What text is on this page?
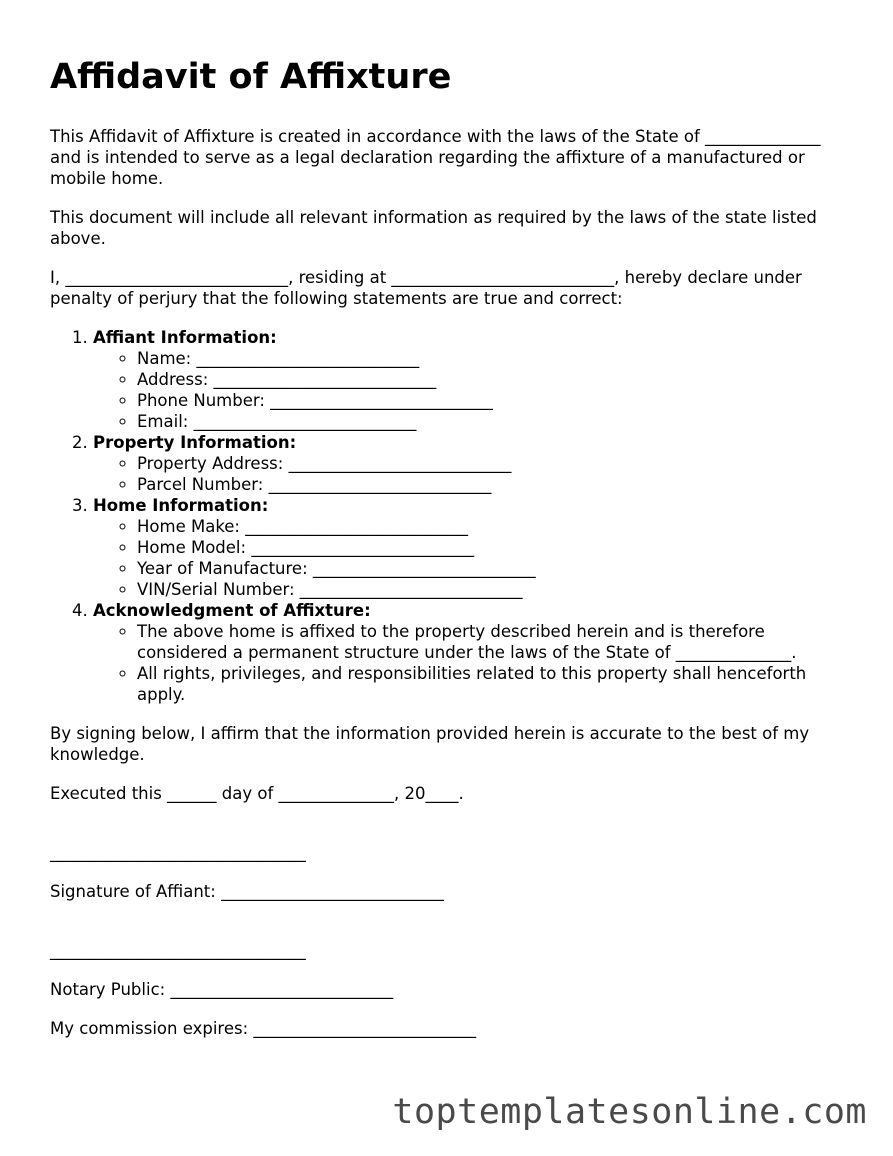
Affidavit of Affixture

This Affidavit of Affixture is created in accordance with the laws of the State of ______________ and is intended to serve as a legal declaration regarding the affixture of a manufactured or mobile home.

This document will include all relevant information as required by the laws of the state listed above.

I, ___________________________, residing at ___________________________, hereby declare under penalty of perjury that the following statements are true and correct:

1. Affiant Information:
◦ Name: ___________________________
◦ Address: ___________________________
◦ Phone Number: ___________________________
◦ Email: ___________________________
2. Property Information:
◦ Property Address: ___________________________
◦ Parcel Number: ___________________________
3. Home Information:
◦ Home Make: ___________________________
◦ Home Model: ___________________________
◦ Year of Manufacture: ___________________________
◦ VIN/Serial Number: ___________________________
4. Acknowledgment of Affixture:
◦ The above home is affixed to the property described herein and is therefore considered a permanent structure under the laws of the State of ______________.
◦ All rights, privileges, and responsibilities related to this property shall henceforth apply.

By signing below, I affirm that the information provided herein is accurate to the best of my knowledge.

Executed this ______ day of ______________, 20____.

_______________________________
Signature of Affiant: ___________________________
_______________________________
Notary Public: ___________________________
My commission expires: ___________________________
toptemplatesonline.com
